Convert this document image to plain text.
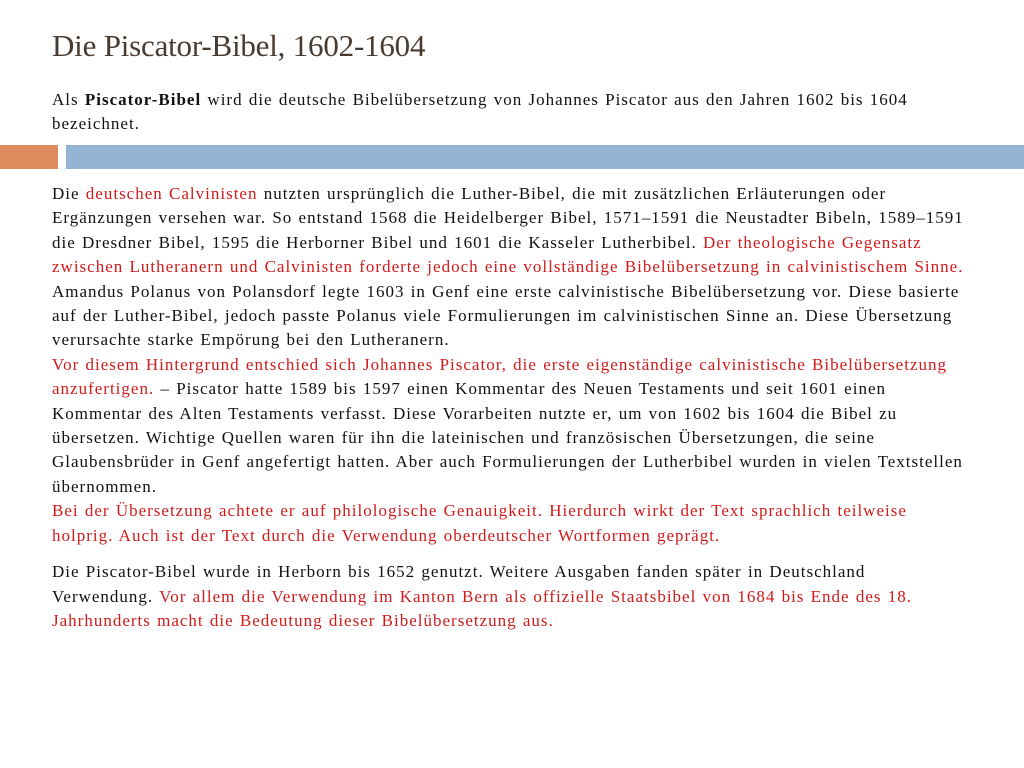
Die Piscator-Bibel, 1602-1604
Als Piscator-Bibel wird die deutsche Bibelübersetzung von Johannes Piscator aus den Jahren 1602 bis 1604 bezeichnet.

Die deutschen Calvinisten nutzten ursprünglich die Luther-Bibel, die mit zusätzlichen Erläuterungen oder Ergänzungen versehen war. So entstand 1568 die Heidelberger Bibel, 1571–1591 die Neustadter Bibeln, 1589–1591 die Dresdner Bibel, 1595 die Herborner Bibel und 1601 die Kasseler Lutherbibel. Der theologische Gegensatz zwischen Lutheranern und Calvinisten forderte jedoch eine vollständige Bibelübersetzung in calvinistischem Sinne. Amandus Polanus von Polansdorf legte 1603 in Genf eine erste calvinistische Bibelübersetzung vor. Diese basierte auf der Luther-Bibel, jedoch passte Polanus viele Formulierungen im calvinistischen Sinne an. Diese Übersetzung verursachte starke Empörung bei den Lutheranern.

Vor diesem Hintergrund entschied sich Johannes Piscator, die erste eigenständige calvinistische Bibelübersetzung anzufertigen. – Piscator hatte 1589 bis 1597 einen Kommentar des Neuen Testaments und seit 1601 einen Kommentar des Alten Testaments verfasst. Diese Vorarbeiten nutzte er, um von 1602 bis 1604 die Bibel zu übersetzen. Wichtige Quellen waren für ihn die lateinischen und französischen Übersetzungen, die seine Glaubensbrüder in Genf angefertigt hatten. Aber auch Formulierungen der Lutherbibel wurden in vielen Textstellen übernommen.

Bei der Übersetzung achtete er auf philologische Genauigkeit. Hierdurch wirkt der Text sprachlich teilweise holprig. Auch ist der Text durch die Verwendung oberdeutscher Wortformen geprägt.

Die Piscator-Bibel wurde in Herborn bis 1652 genutzt. Weitere Ausgaben fanden später in Deutschland Verwendung. Vor allem die Verwendung im Kanton Bern als offizielle Staatsbibel von 1684 bis Ende des 18. Jahrhunderts macht die Bedeutung dieser Bibelübersetzung aus.
